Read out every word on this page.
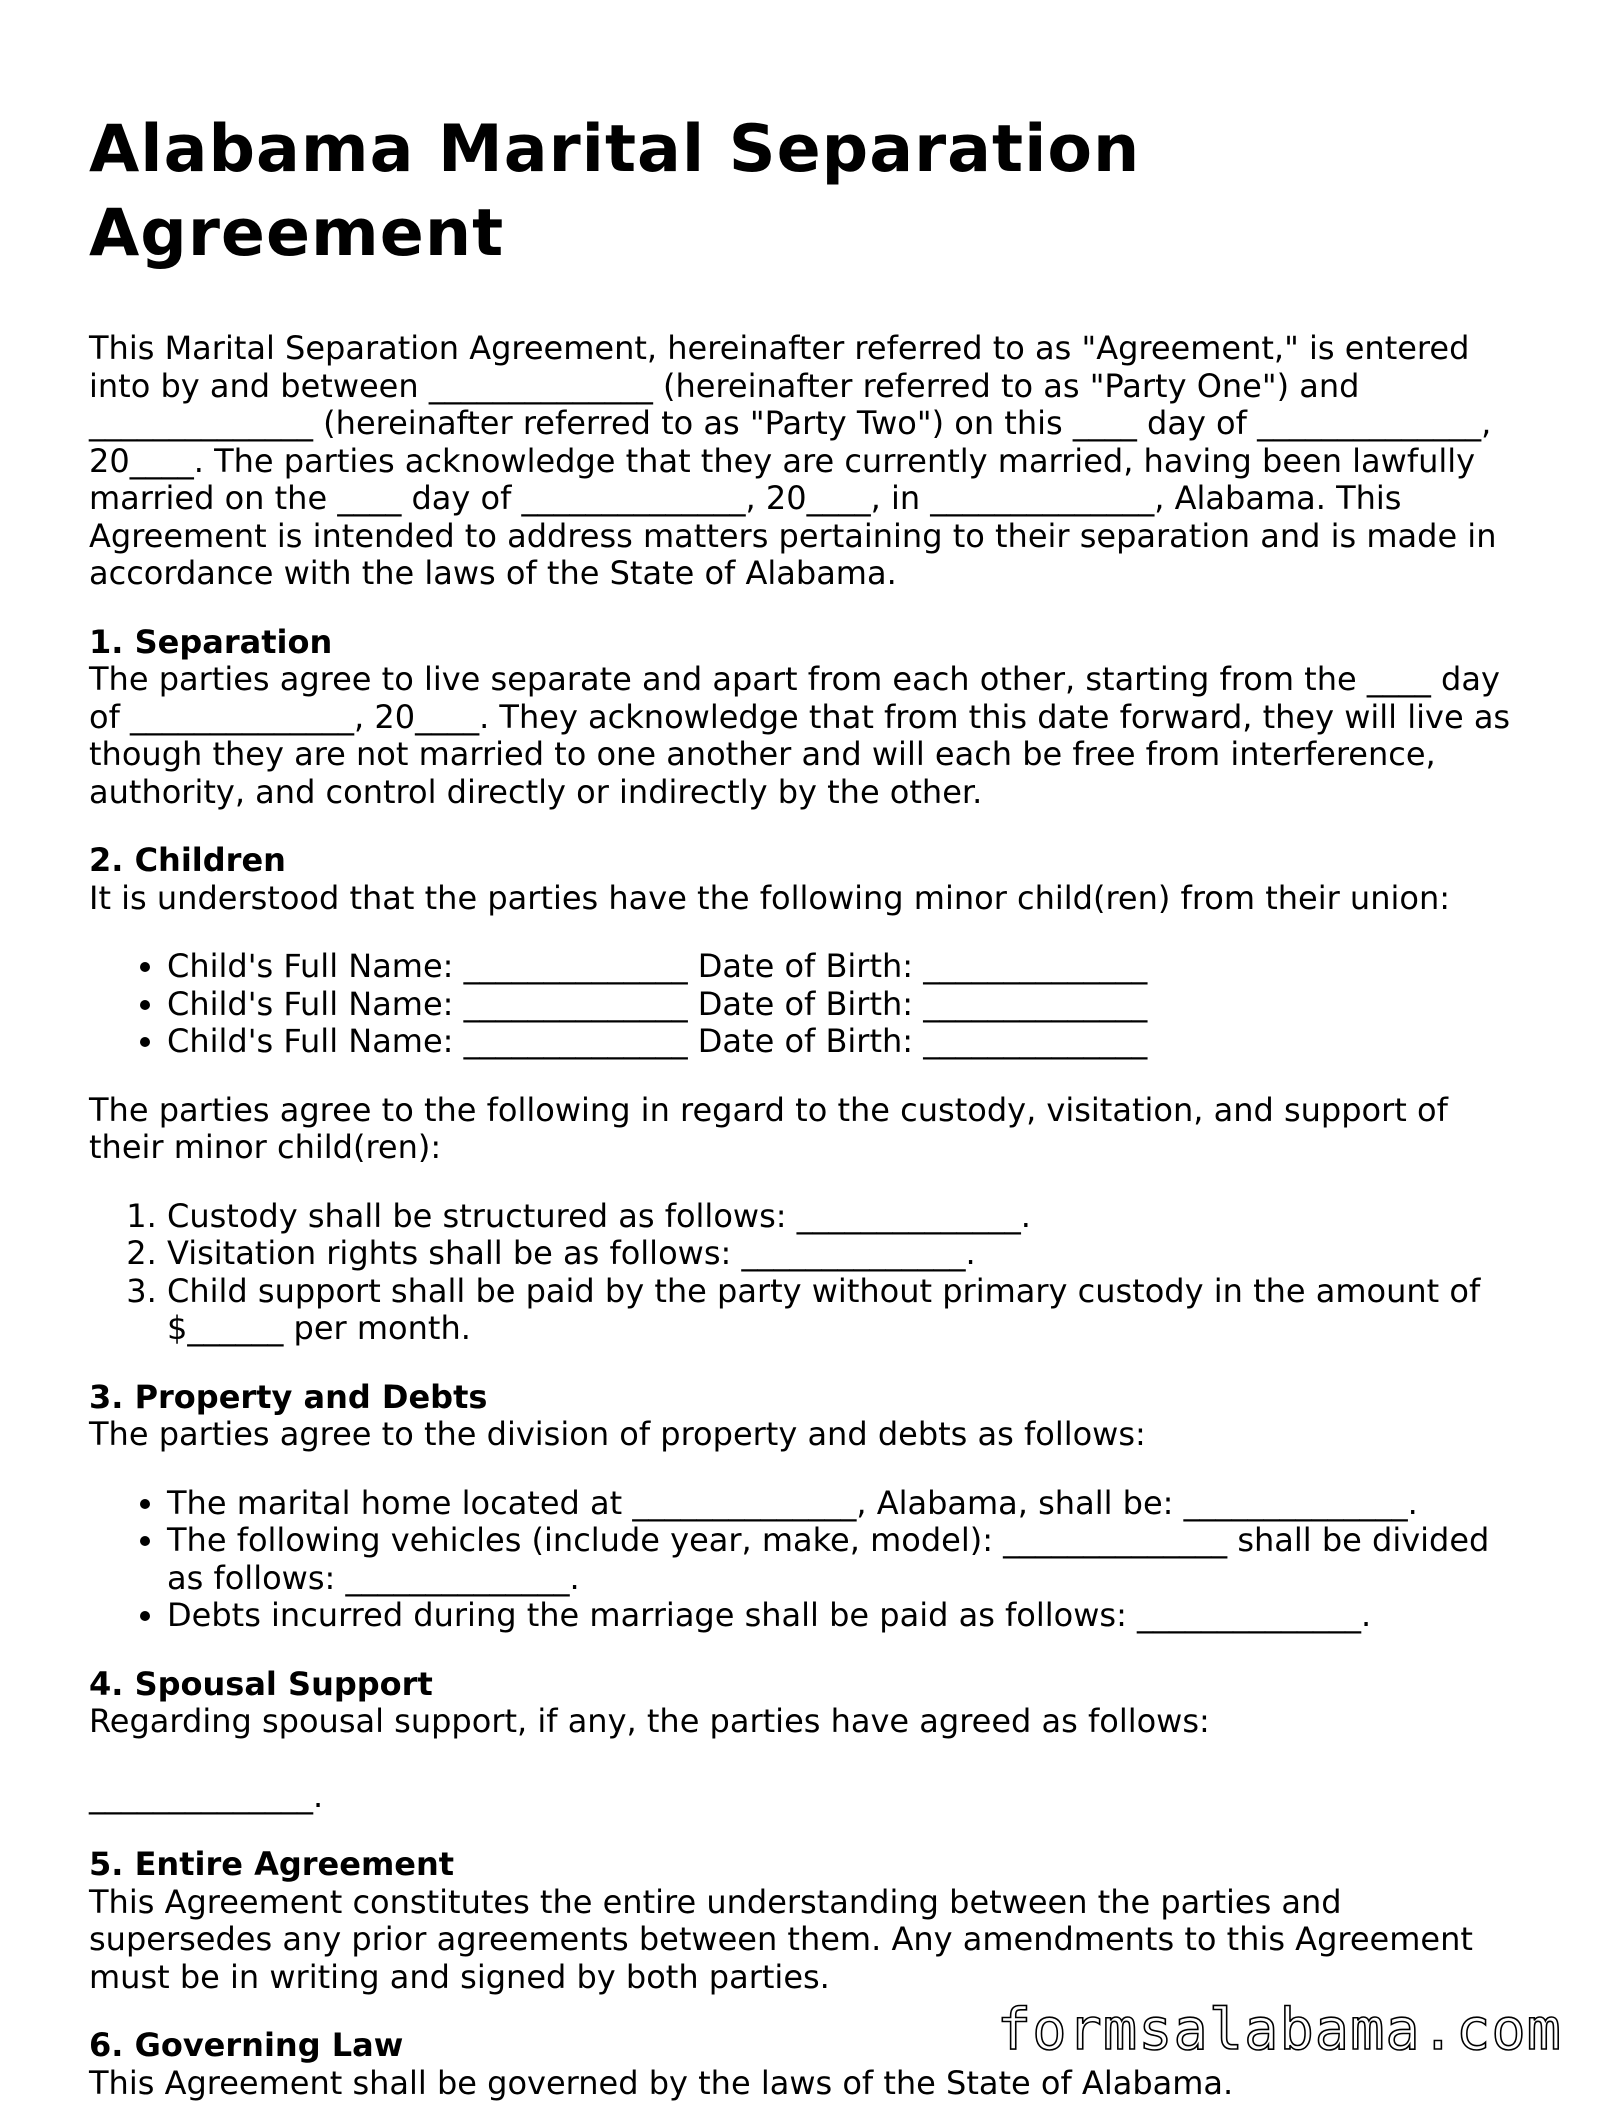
Alabama Marital Separation Agreement

This Marital Separation Agreement, hereinafter referred to as "Agreement," is entered into by and between ______________ (hereinafter referred to as "Party One") and ______________ (hereinafter referred to as "Party Two") on this ____ day of ______________, 20____. The parties acknowledge that they are currently married, having been lawfully married on the ____ day of ______________, 20____, in ______________, Alabama. This Agreement is intended to address matters pertaining to their separation and is made in accordance with the laws of the State of Alabama.

1. Separation

The parties agree to live separate and apart from each other, starting from the ____ day of ______________, 20____. They acknowledge that from this date forward, they will live as though they are not married to one another and will each be free from interference, authority, and control directly or indirectly by the other.

2. Children

It is understood that the parties have the following minor child(ren) from their union:

• Child's Full Name: ______________ Date of Birth: ______________
• Child's Full Name: ______________ Date of Birth: ______________
• Child's Full Name: ______________ Date of Birth: ______________

The parties agree to the following in regard to the custody, visitation, and support of their minor child(ren):

1. Custody shall be structured as follows: ______________.
2. Visitation rights shall be as follows: ______________.
3. Child support shall be paid by the party without primary custody in the amount of $______ per month.

3. Property and Debts

The parties agree to the division of property and debts as follows:

• The marital home located at ______________, Alabama, shall be: ______________.
• The following vehicles (include year, make, model): ______________ shall be divided as follows: ______________.
• Debts incurred during the marriage shall be paid as follows: ______________.

4. Spousal Support

Regarding spousal support, if any, the parties have agreed as follows:

______________.

5. Entire Agreement

This Agreement constitutes the entire understanding between the parties and supersedes any prior agreements between them. Any amendments to this Agreement must be in writing and signed by both parties.

6. Governing Law

This Agreement shall be governed by the laws of the State of Alabama.

formsalabama.com
